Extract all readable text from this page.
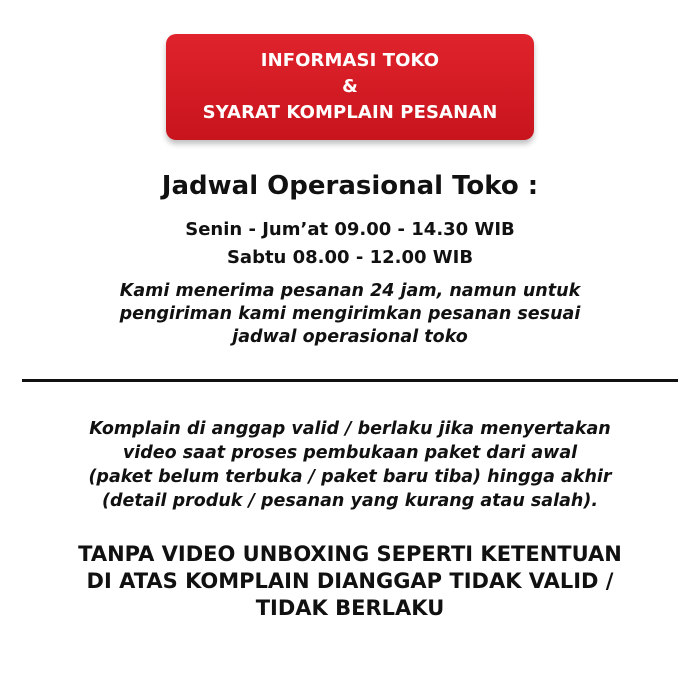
INFORMASI TOKO
&
SYARAT KOMPLAIN PESANAN
Jadwal Operasional Toko :
Senin - Jum’at 09.00 - 14.30 WIB
Sabtu 08.00 - 12.00 WIB
Kami menerima pesanan 24 jam, namun untuk
pengiriman kami mengirimkan pesanan sesuai
jadwal operasional toko
Komplain di anggap valid / berlaku jika menyertakan
video saat proses pembukaan paket dari awal
(paket belum terbuka / paket baru tiba) hingga akhir
(detail produk / pesanan yang kurang atau salah).
TANPA VIDEO UNBOXING SEPERTI KETENTUAN
DI ATAS KOMPLAIN DIANGGAP TIDAK VALID /
TIDAK BERLAKU
